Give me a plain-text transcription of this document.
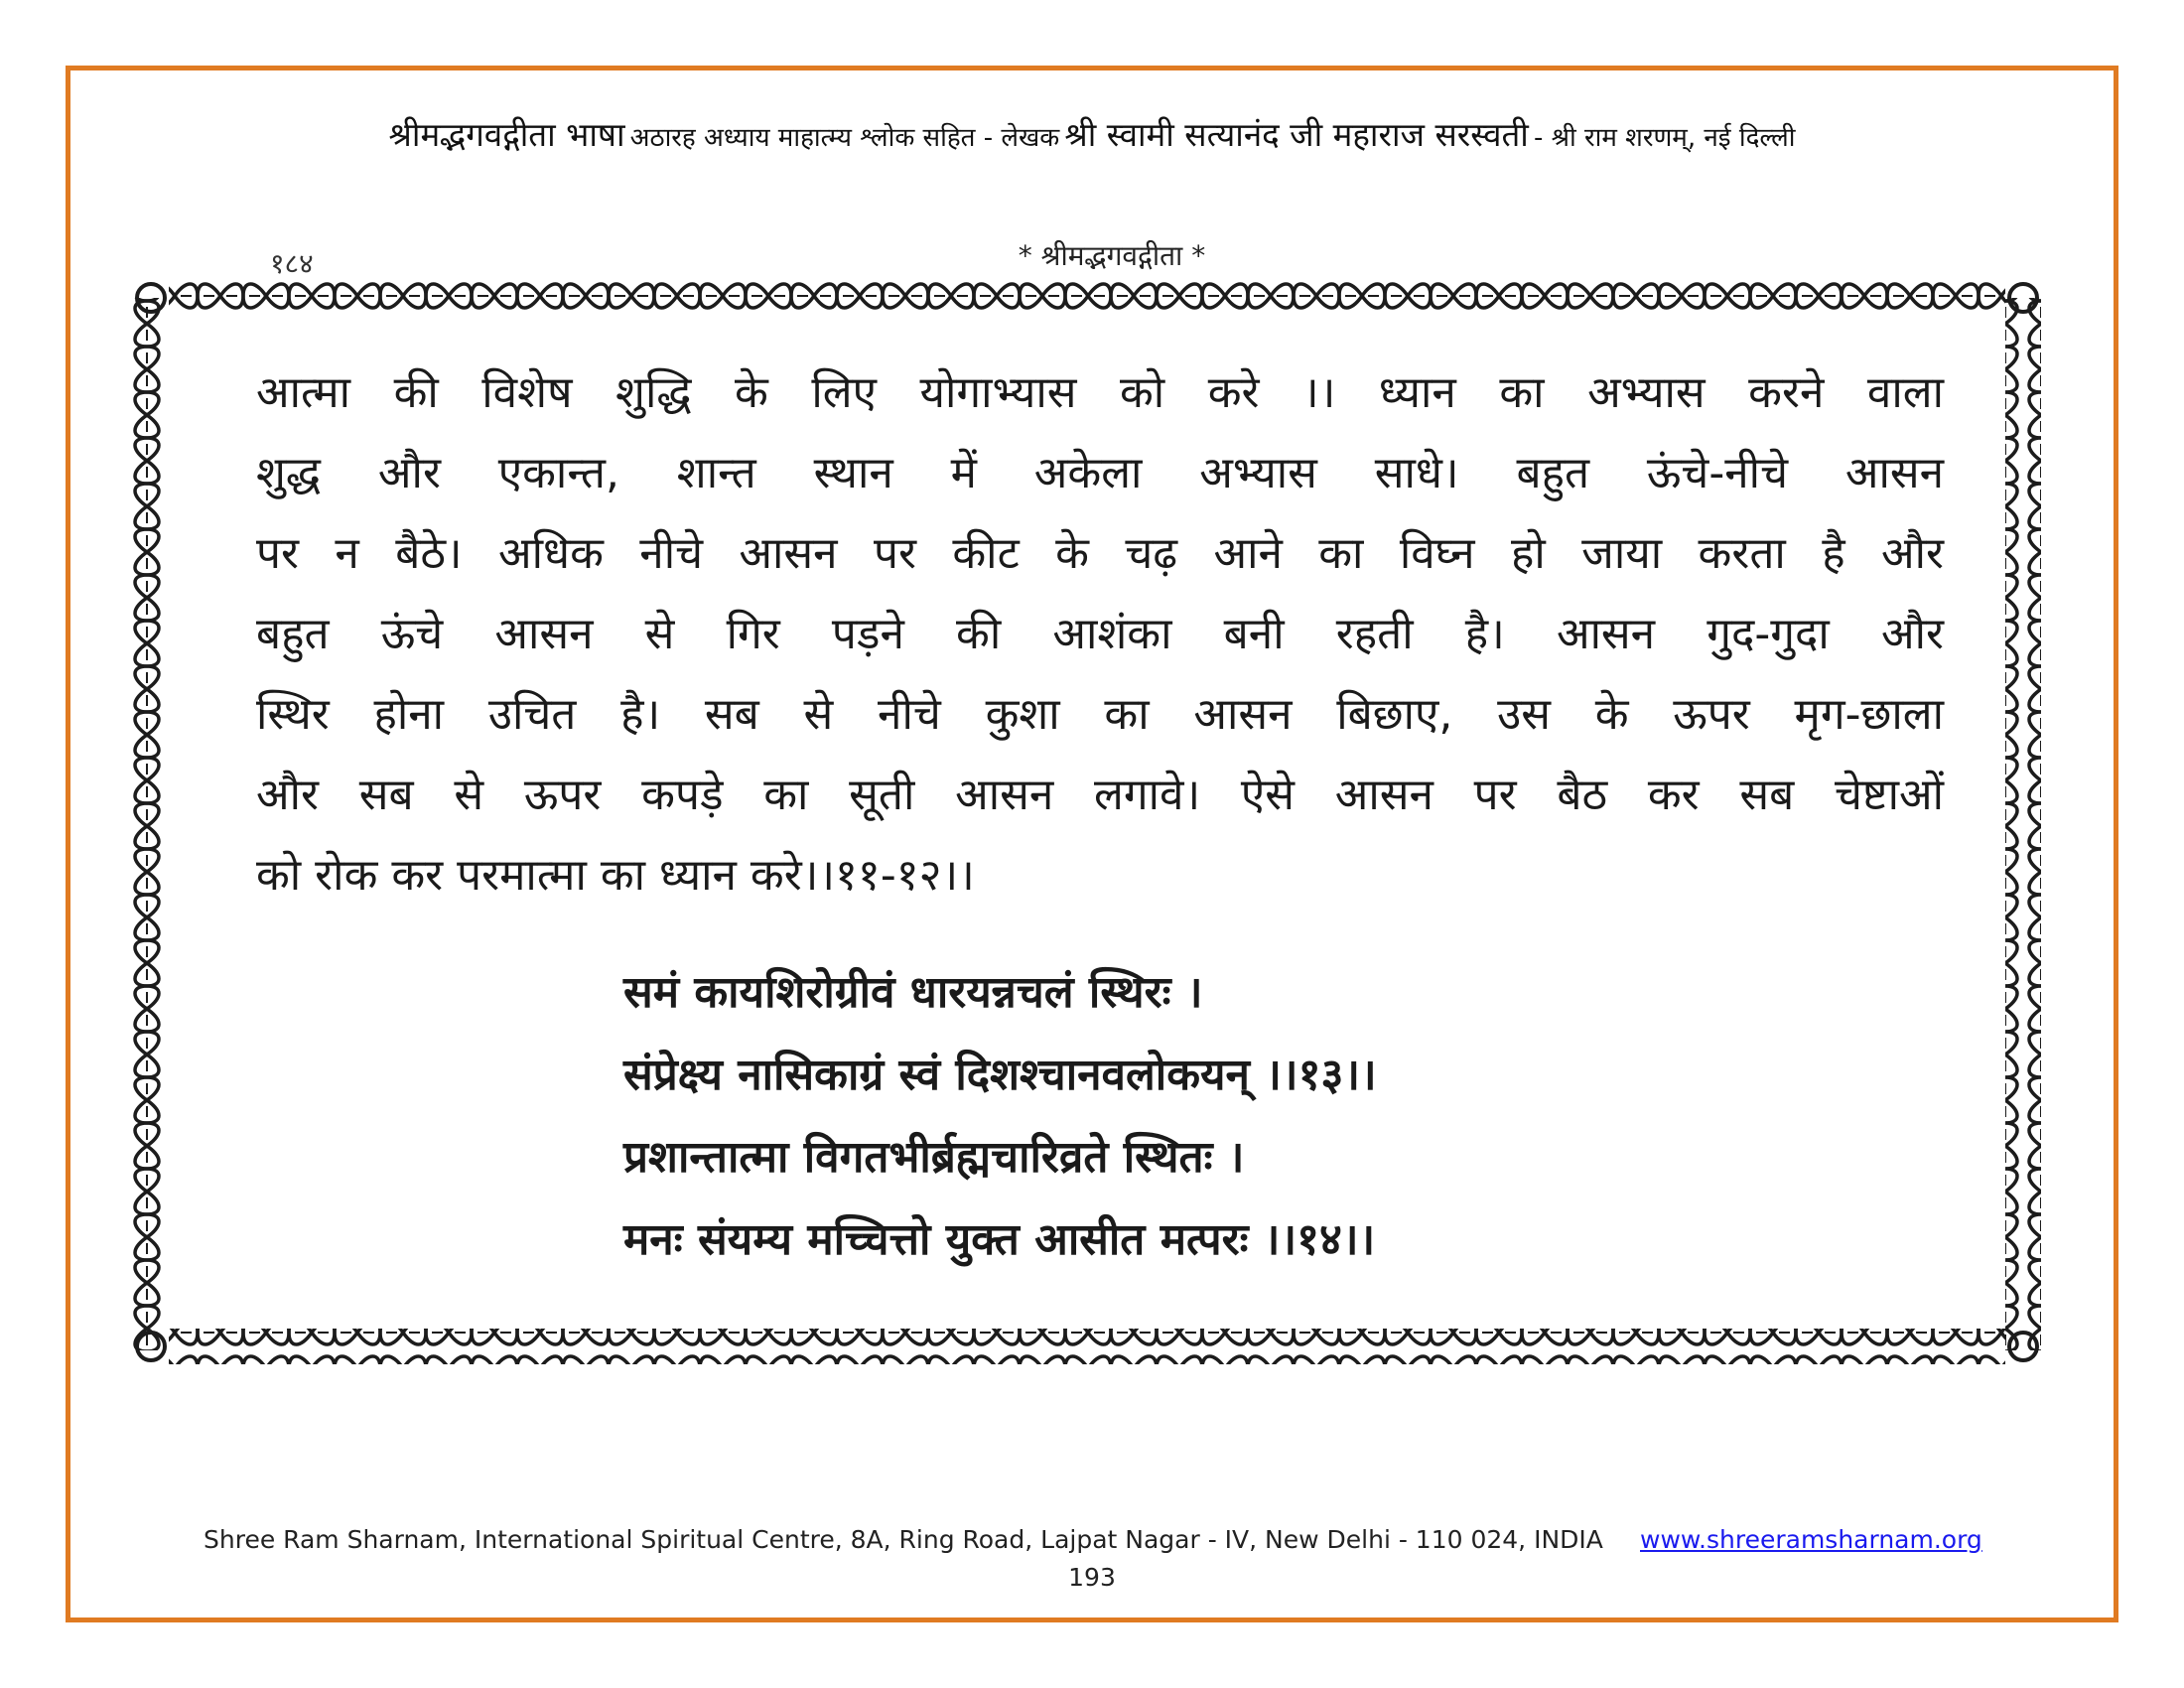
श्रीमद्भगवद्गीता भाषा अठारह अध्याय माहात्म्य श्लोक सहित - लेखक श्री स्वामी सत्यानंद जी महाराज सरस्वती - श्री राम शरणम्, नई दिल्ली
१८४	* श्रीमद्भगवद्गीता *
आत्मा की विशेष शुद्धि के लिए योगाभ्यास को करे ।। ध्यान का अभ्यास करने वाला
शुद्ध और एकान्त, शान्त स्थान में अकेला अभ्यास साधे। बहुत ऊंचे-नीचे आसन
पर न बैठे। अधिक नीचे आसन पर कीट के चढ़ आने का विघ्न हो जाया करता है और
बहुत ऊंचे आसन से गिर पड़ने की आशंका बनी रहती है। आसन गुद-गुदा और
स्थिर होना उचित है। सब से नीचे कुशा का आसन बिछाए, उस के ऊपर मृग-छाला
और सब से ऊपर कपड़े का सूती आसन लगावे। ऐसे आसन पर बैठ कर सब चेष्टाओं
को रोक कर परमात्मा का ध्यान करे।।११-१२।।
समं कायशिरोग्रीवं धारयन्नचलं स्थिरः ।
संप्रेक्ष्य नासिकाग्रं स्वं दिशश्चानवलोकयन् ।।१३।।
प्रशान्तात्मा विगतभीर्ब्रह्मचारिव्रते स्थितः ।
मनः संयम्य मच्चित्तो युक्त आसीत मत्परः ।।१४।।
Shree Ram Sharnam, International Spiritual Centre, 8A, Ring Road, Lajpat Nagar - IV, New Delhi - 110 024, INDIA www.shreeramsharnam.org
193
